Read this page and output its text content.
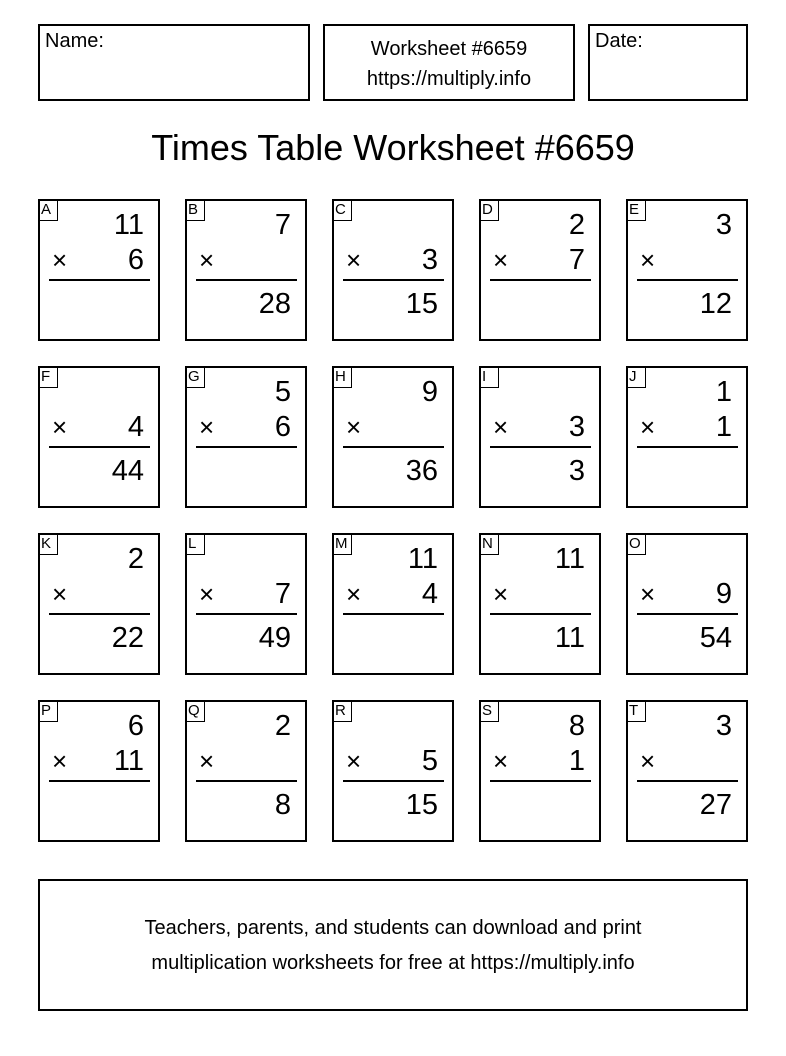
Name:	Worksheet #6659
https://multiply.info
Date:
Times Table Worksheet #6659
A 11
× 6
B	7
×
28
C
× 3
15
D	2
× 7
E	3
×
12
F
× 4
44
G	5
× 6
H	9
×
36
I
× 3
3
J	1
× 1
K	2
×
22
L
× 7
49
M 11
× 4
N 11
×
11
O
× 9
54
P	6
× 11
Q	2
×
8
R
× 5
15
S	8
× 1
T	3
×
27
Teachers, parents, and students can download and print
multiplication worksheets for free at https://multiply.info
